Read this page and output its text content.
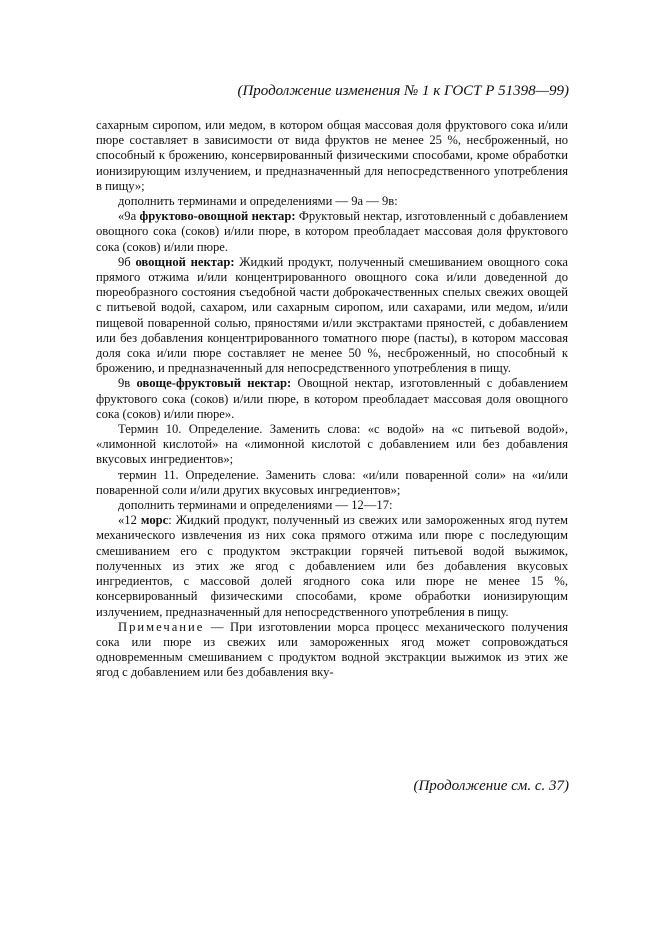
(Продолжение изменения № 1 к ГОСТ Р 51398—99)

сахарным сиропом, или медом, в котором общая массовая доля фруктового сока и/или пюре составляет в зависимости от вида фруктов не менее 25 %, несброженный, но способный к брожению, консервированный физическими способами, кроме обработки ионизирующим излучением, и предназначенный для непосредственного употребления в пищу»;

дополнить терминами и определениями — 9а — 9в:

«9а фруктово-овощной нектар: Фруктовый нектар, изготовленный с добавлением овощного сока (соков) и/или пюре, в котором преобладает массовая доля фруктового сока (соков) и/или пюре.

9б овощной нектар: Жидкий продукт, полученный смешиванием овощного сока прямого отжима и/или концентрированного овощного сока и/или доведенной до пюреобразного состояния съедобной части доброкачественных спелых свежих овощей с питьевой водой, сахаром, или сахарным сиропом, или сахарами, или медом, и/или пищевой поваренной солью, пряностями и/или экстрактами пряностей, с добавлением или без добавления концентрированного томатного пюре (пасты), в котором массовая доля сока и/или пюре составляет не менее 50 %, несброженный, но способный к брожению, и предназначенный для непосредственного употребления в пищу.

9в овоще-фруктовый нектар: Овощной нектар, изготовленный с добавлением фруктового сока (соков) и/или пюре, в котором преобладает массовая доля овощного сока (соков) и/или пюре».

Термин 10. Определение. Заменить слова: «с водой» на «с питьевой водой», «лимонной кислотой» на «лимонной кислотой с добавлением или без добавления вкусовых ингредиентов»;

термин 11. Определение. Заменить слова: «и/или поваренной соли» на «и/или поваренной соли и/или других вкусовых ингредиентов»;

дополнить терминами и определениями — 12—17:

«12 морс: Жидкий продукт, полученный из свежих или замороженных ягод путем механического извлечения из них сока прямого отжима или пюре с последующим смешиванием его с продуктом экстракции горячей питьевой водой выжимок, полученных из этих же ягод с добавлением или без добавления вкусовых ингредиентов, с массовой долей ягодного сока или пюре не менее 15 %, консервированный физическими способами, кроме обработки ионизирующим излучением, предназначенный для непосредственного употребления в пищу.

Примечание — При изготовлении морса процесс механического получения сока или пюре из свежих или замороженных ягод может сопровождаться одновременным смешиванием с продуктом водной экстракции выжимок из этих же ягод с добавлением или без добавления вку-

(Продолжение см. с. 37)
